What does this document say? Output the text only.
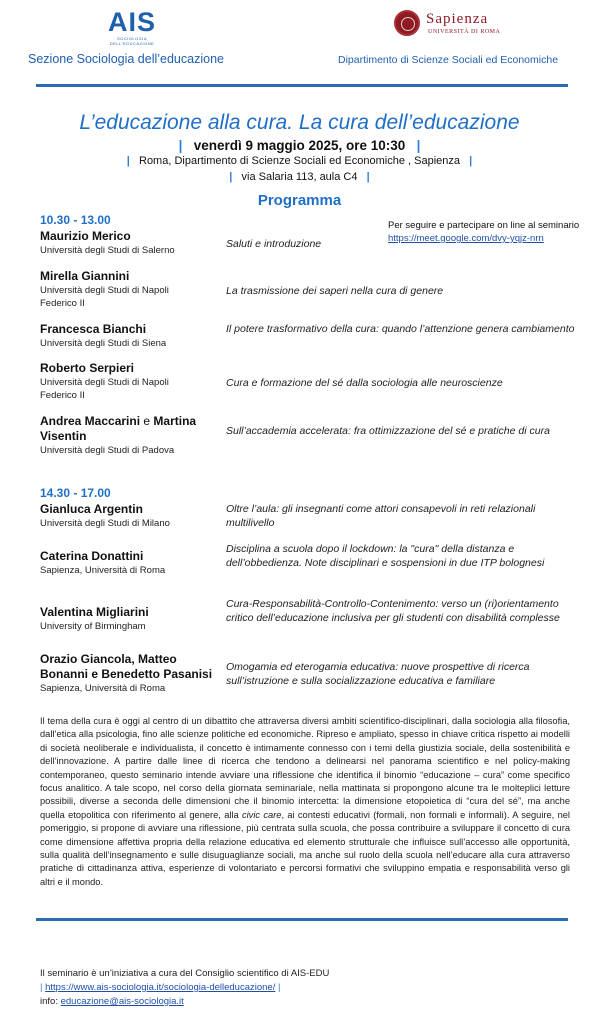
AIS
SOCIOLOGIA DELL'EDUCAZIONE
Sezione Sociologia dell’educazione
Sapienza
UNIVERSITÀ DI ROMA
Dipartimento di Scienze Sociali ed Economiche
L’educazione alla cura. La cura dell’educazione
| venerdì 9 maggio 2025, ore 10:30 |
| Roma, Dipartimento di Scienze Sociali ed Economiche , Sapienza |
| via Salaria 113, aula C4 |
Programma
Per seguire e partecipare on line al seminario
https://meet.google.com/dvy-yqjz-nrn
10.30 - 13.00
Maurizio Merico
Università degli Studi di Salerno
Saluti e introduzione
Mirella Giannini
Università degli Studi di Napoli
Federico II
La trasmissione dei saperi nella cura di genere
Francesca Bianchi
Università degli Studi di Siena
Il potere trasformativo della cura: quando l’attenzione genera cambiamento
Roberto Serpieri
Università degli Studi di Napoli
Federico II
Cura e formazione del sé dalla sociologia alle neuroscienze
Andrea Maccarini e Martina
Visentin
Università degli Studi di Padova
Sull’accademia accelerata: fra ottimizzazione del sé e pratiche di cura
14.30 - 17.00
Gianluca Argentin
Università degli Studi di Milano
Oltre l’aula: gli insegnanti come attori consapevoli in reti relazionali multilivello
Caterina Donattini
Sapienza, Università di Roma
Disciplina a scuola dopo il lockdown: la "cura" della distanza e dell’obbedienza. Note disciplinari e sospensioni in due ITP bolognesi
Valentina Migliarini
University of Birmingham
Cura-Responsabilità-Controllo-Contenimento: verso un (ri)orientamento critico dell’educazione inclusiva per gli studenti con disabilità complesse
Orazio Giancola, Matteo
Bonanni e Benedetto Pasanisi
Sapienza, Università di Roma
Omogamia ed eterogamia educativa: nuove prospettive di ricerca sull’istruzione e sulla socializzazione educativa e familiare
Il tema della cura è oggi al centro di un dibattito che attraversa diversi ambiti scientifico-disciplinari, dalla sociologia alla filosofia, dall’etica alla psicologia, fino alle scienze politiche ed economiche. Ripreso e ampliato, spesso in chiave critica rispetto ai modelli di società neoliberale e individualista, il concetto è intimamente connesso con i temi della giustizia sociale, della sostenibilità e dell’innovazione. A partire dalle linee di ricerca che tendono a delinearsi nel panorama scientifico e nel policy-making contemporaneo, questo seminario intende avviare una riflessione che identifica il binomio “educazione – cura” come specifico focus analitico. A tale scopo, nel corso della giornata seminariale, nella mattinata si propongono alcune tra le molteplici letture possibili, diverse a seconda delle dimensioni che il binomio intercetta: la dimensione etopoietica di “cura del sé”, ma anche quella etopolitica con riferimento al genere, alla civic care, ai contesti educativi (formali, non formali e informali). A seguire, nel pomeriggio, si propone di avviare una riflessione, più centrata sulla scuola, che possa contribuire a sviluppare il concetto di cura come dimensione affettiva propria della relazione educativa ed elemento strutturale che influisce sull’accesso alle opportunità, sulla qualità dell’insegnamento e sulle disuguaglianze sociali, ma anche sul ruolo della scuola nell’educare alla cura attraverso pratiche di cittadinanza attiva, esperienze di volontariato e percorsi formativi che sviluppino empatia e responsabilità verso gli altri e il mondo.
Il seminario è un’iniziativa a cura del Consiglio scientifico di AIS-EDU
| https://www.ais-sociologia.it/sociologia-delleducazione/ |
info: educazione@ais-sociologia.it
